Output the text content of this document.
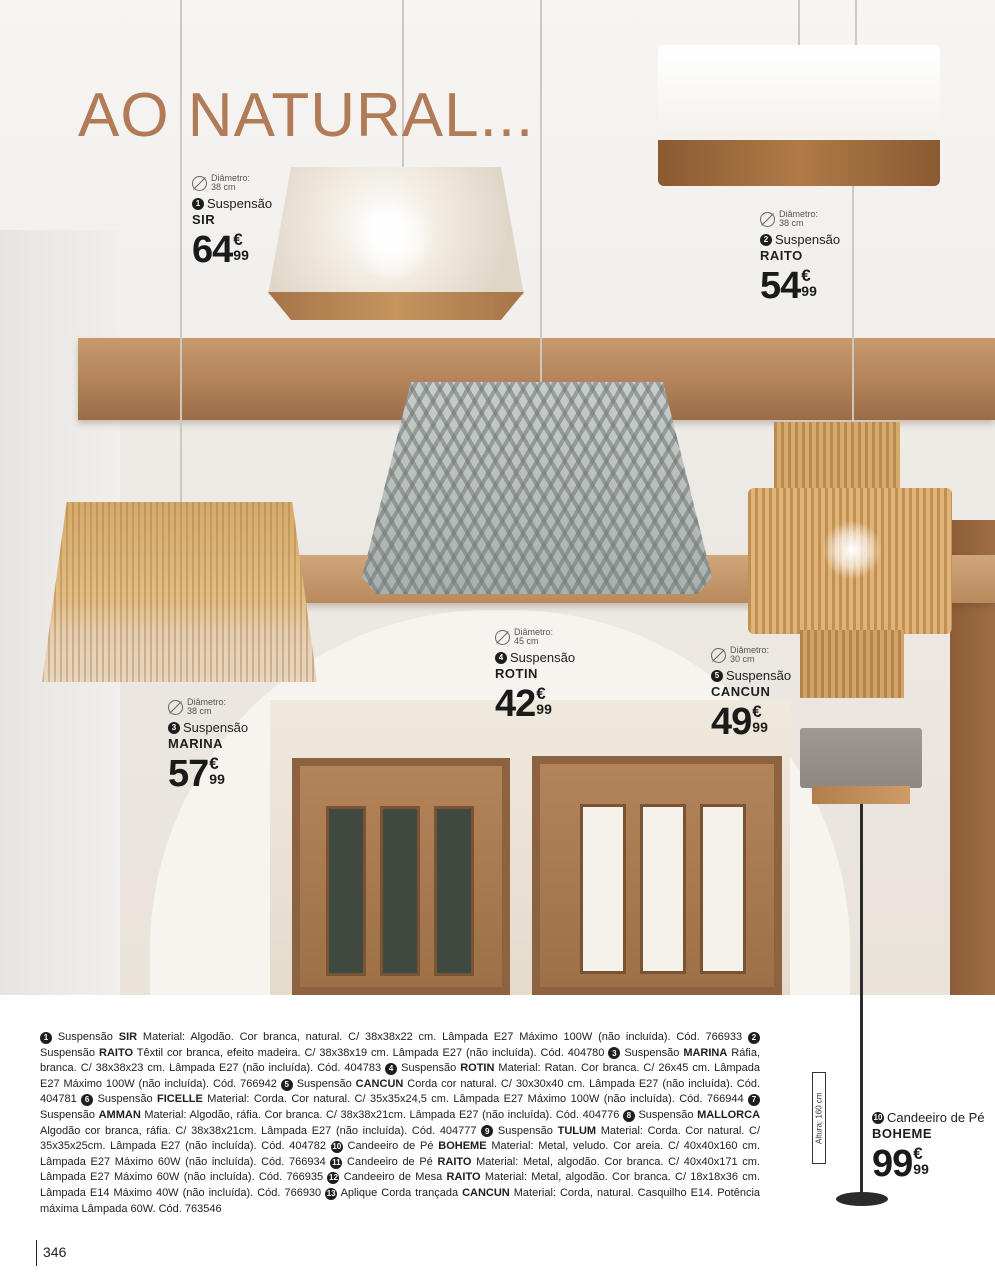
AO NATURAL...
Diâmetro:
38 cm
1 Suspensão
SIR
64 €
99
Diâmetro:
38 cm
2 Suspensão
RAITO
54 €
99
Diâmetro:
38 cm
3 Suspensão
MARINA
57 €
99
Diâmetro:
45 cm
4 Suspensão
ROTIN
42 €
99
Diâmetro:
30 cm
5 Suspensão
CANCUN
49 €
99
10 Candeeiro de Pé
BOHEME
99 €
99
Altura: 160 cm
1 Suspensão SIR Material: Algodão. Cor branca, natural. C/ 38x38x22 cm. Lâmpada E27 Máximo 100W (não incluída). Cód. 766933 2 Suspensão RAITO Têxtil cor branca, efeito madeira. C/ 38x38x19 cm. Lâmpada E27 (não incluída). Cód. 404780 3 Suspensão MARINA Ráfia, branca. C/ 38x38x23 cm. Lâmpada E27 (não incluída). Cód. 404783 4 Suspensão ROTIN Material: Ratan. Cor branca. C/ 26x45 cm. Lâmpada E27 Máximo 100W (não incluída). Cód. 766942 5 Suspensão CANCUN Corda cor natural. C/ 30x30x40 cm. Lâmpada E27 (não incluída). Cód. 404781 6 Suspensão FICELLE Material: Corda. Cor natural. C/ 35x35x24,5 cm. Lâmpada E27 Máximo 100W (não incluída). Cód. 766944 7 Suspensão AMMAN Material: Algodão, ráfia. Cor branca. C/ 38x38x21cm. Lâmpada E27 (não incluída). Cód. 404776 8 Suspensão MALLORCA Algodão cor branca, ráfia. C/ 38x38x21cm. Lâmpada E27 (não incluída). Cód. 404777 9 Suspensão TULUM Material: Corda. Cor natural. C/ 35x35x25cm. Lâmpada E27 (não incluída). Cód. 404782 10 Candeeiro de Pé BOHEME Material: Metal, veludo. Cor areia. C/ 40x40x160 cm. Lâmpada E27 Máximo 60W (não incluída). Cód. 766934 11 Candeeiro de Pé RAITO Material: Metal, algodão. Cor branca. C/ 40x40x171 cm. Lâmpada E27 Máximo 60W (não incluída). Cód. 766935 12 Candeeiro de Mesa RAITO Material: Metal, algodão. Cor branca. C/ 18x18x36 cm. Lâmpada E14 Máximo 40W (não incluída). Cód. 766930 13 Aplique Corda trançada CANCUN Material: Corda, natural. Casquilho E14. Potência máxima Lâmpada 60W. Cód. 763546
346
